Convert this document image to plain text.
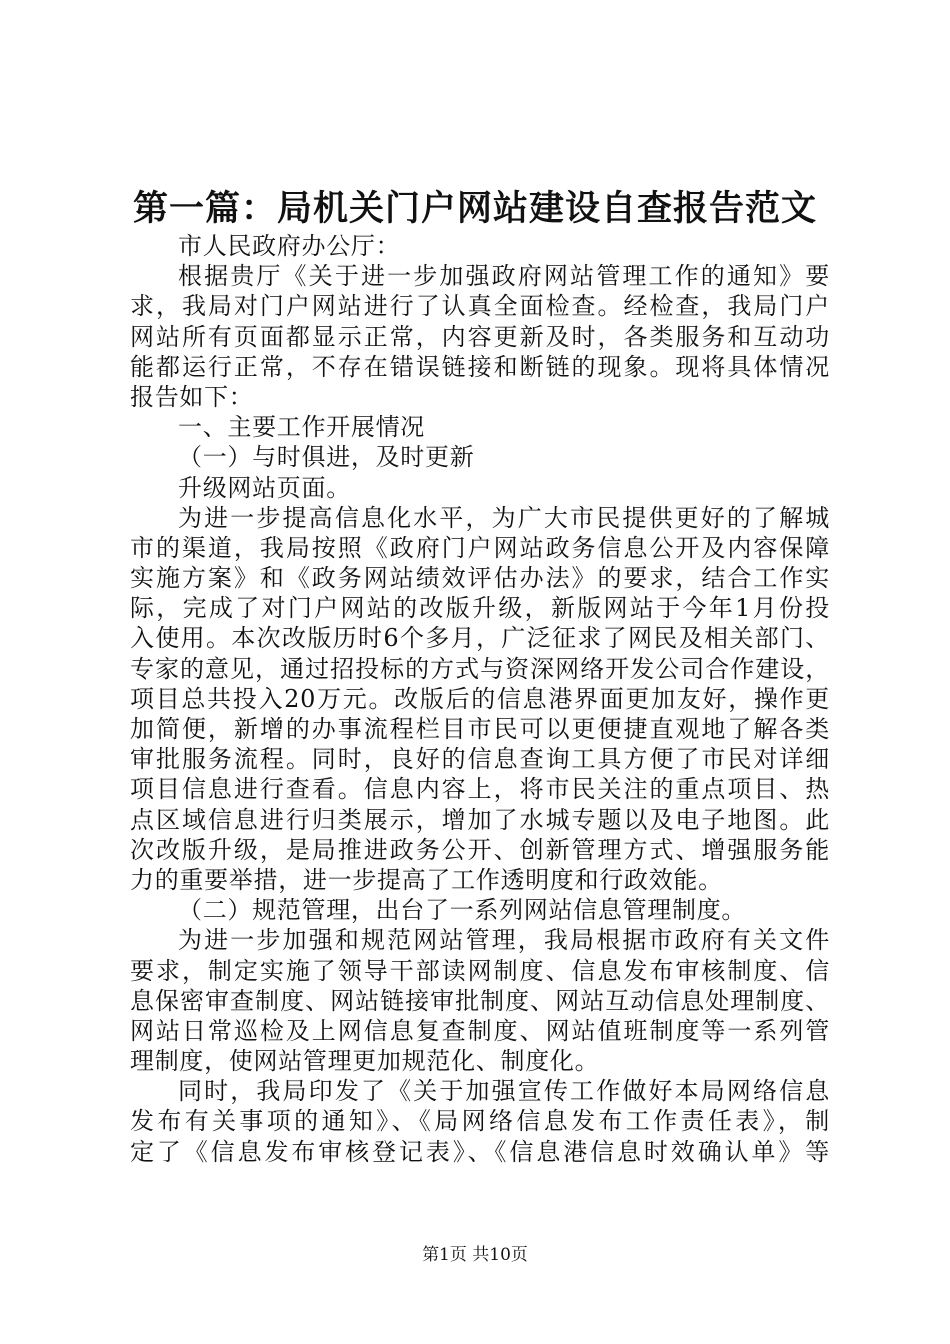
第一篇：局机关门户网站建设自查报告范文
市人民政府办公厅：
根据贵厅《关于进一步加强政府网站管理工作的通知》要
求，我局对门户网站进行了认真全面检查。经检查，我局门户
网站所有页面都显示正常，内容更新及时，各类服务和互动功
能都运行正常，不存在错误链接和断链的现象。现将具体情况
报告如下：
一、主要工作开展情况
（一）与时俱进，及时更新
升级网站页面。
为进一步提高信息化水平，为广大市民提供更好的了解城
市的渠道，我局按照《政府门户网站政务信息公开及内容保障
实施方案》和《政务网站绩效评估办法》的要求，结合工作实
际，完成了对门户网站的改版升级，新版网站于今年1月份投
入使用。本次改版历时6个多月，广泛征求了网民及相关部门、
专家的意见，通过招投标的方式与资深网络开发公司合作建设，
项目总共投入20万元。改版后的信息港界面更加友好，操作更
加简便，新增的办事流程栏目市民可以更便捷直观地了解各类
审批服务流程。同时，良好的信息查询工具方便了市民对详细
项目信息进行查看。信息内容上，将市民关注的重点项目、热
点区域信息进行归类展示，增加了水城专题以及电子地图。此
次改版升级，是局推进政务公开、创新管理方式、增强服务能
力的重要举措，进一步提高了工作透明度和行政效能。
（二）规范管理，出台了一系列网站信息管理制度。
为进一步加强和规范网站管理，我局根据市政府有关文件
要求，制定实施了领导干部读网制度、信息发布审核制度、信
息保密审查制度、网站链接审批制度、网站互动信息处理制度、
网站日常巡检及上网信息复查制度、网站值班制度等一系列管
理制度，使网站管理更加规范化、制度化。
同时，我局印发了《关于加强宣传工作做好本局网络信息
发布有关事项的通知》、《局网络信息发布工作责任表》，制
定了《信息发布审核登记表》、《信息港信息时效确认单》等
第1页 共10页
